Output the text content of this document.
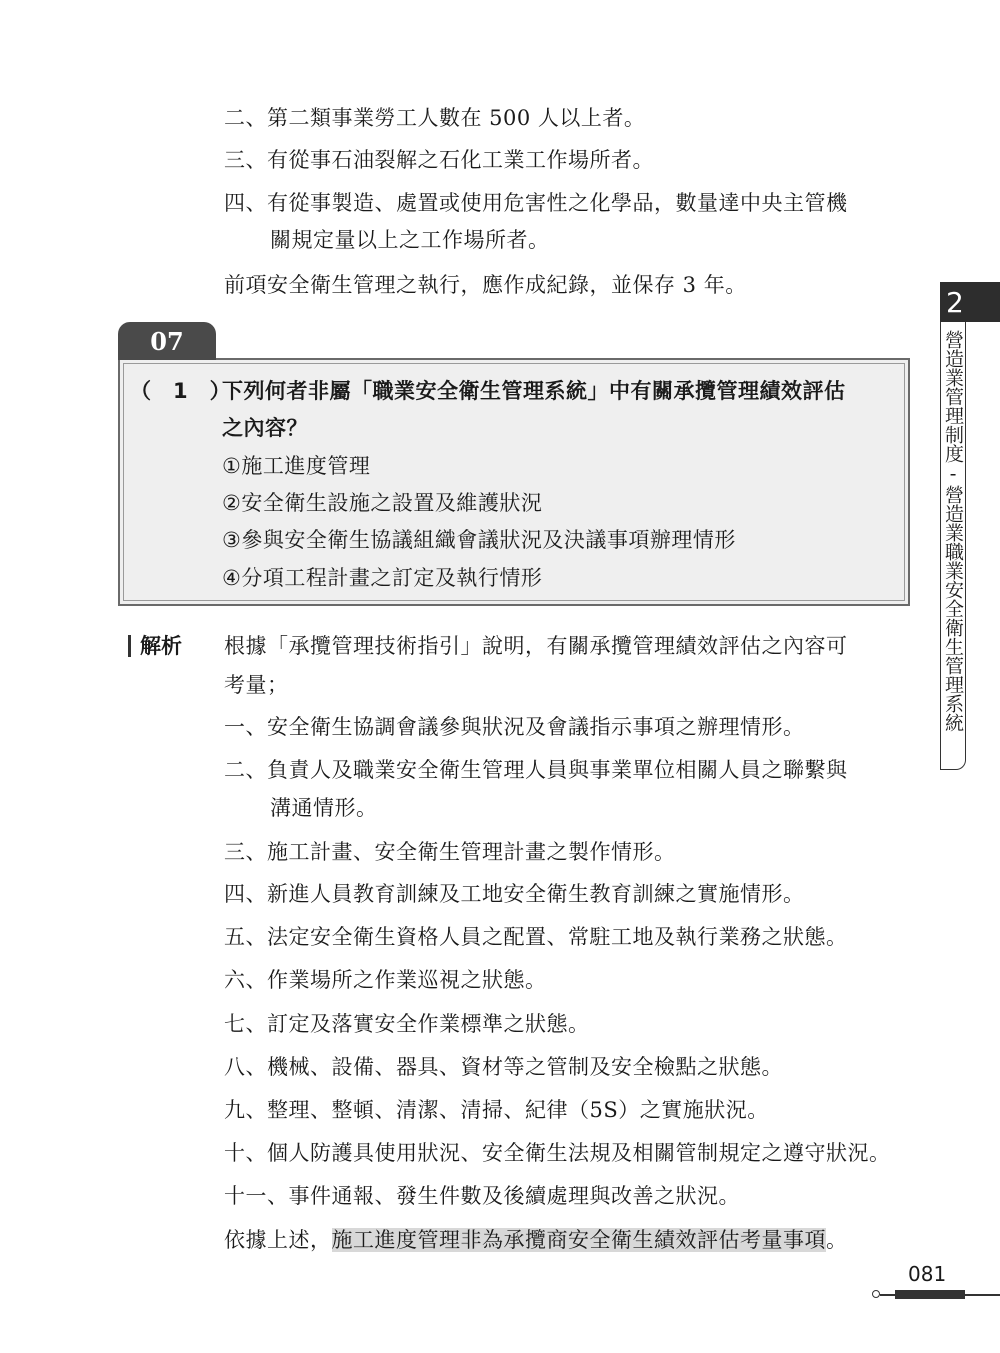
二、第二類事業勞工人數在 500 人以上者。
三、有從事石油裂解之石化工業工作場所者。
四、有從事製造、處置或使用危害性之化學品，數量達中央主管機
關規定量以上之工作場所者。
前項安全衛生管理之執行，應作成紀錄，並保存 3 年。
07
（　1　）
下列何者非屬「職業安全衛生管理系統」中有關承攬管理績效評估
之內容？
①施工進度管理
②安全衛生設施之設置及維護狀況
③參與安全衛生協議組織會議狀況及決議事項辦理情形
④分項工程計畫之訂定及執行情形
解析 根據「承攬管理技術指引」說明，有關承攬管理績效評估之內容可
考量；
一、安全衛生協調會議參與狀況及會議指示事項之辦理情形。
二、負責人及職業安全衛生管理人員與事業單位相關人員之聯繫與
溝通情形。
三、施工計畫、安全衛生管理計畫之製作情形。
四、新進人員教育訓練及工地安全衛生教育訓練之實施情形。
五、法定安全衛生資格人員之配置、常駐工地及執行業務之狀態。
六、作業場所之作業巡視之狀態。
七、訂定及落實安全作業標準之狀態。
八、機械、設備、器具、資材等之管制及安全檢點之狀態。
九、整理、整頓、清潔、清掃、紀律（5S）之實施狀況。
十、個人防護具使用狀況、安全衛生法規及相關管制規定之遵守狀況。
十一、事件通報、發生件數及後續處理與改善之狀況。
依據上述，施工進度管理非為承攬商安全衛生績效評估考量事項。
2
營造業管理制度-營造業職業安全衛生管理系統
081
